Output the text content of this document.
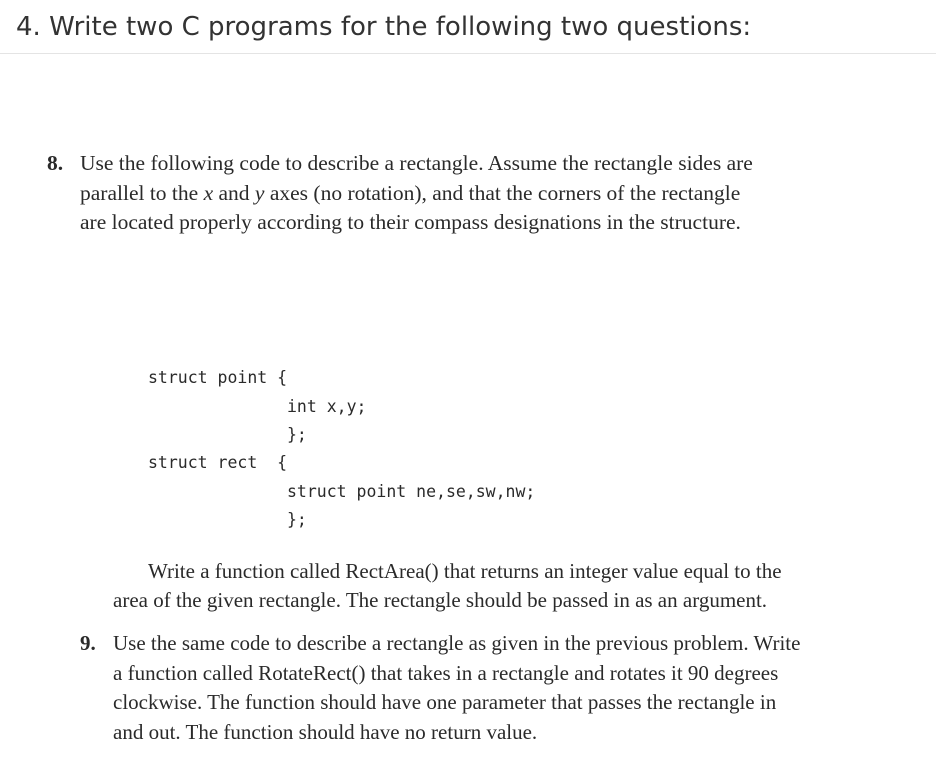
4. Write two C programs for the following two questions:
8. Use the following code to describe a rectangle. Assume the rectangle sides are

parallel to the x and y axes (no rotation), and that the corners of the rectangle

are located properly according to their compass designations in the structure.

struct point {
int x,y;
};
struct rect  {
struct point ne,se,sw,nw;
};

Write a function called RectArea() that returns an integer value equal to the

area of the given rectangle. The rectangle should be passed in as an argument.

9. Use the same code to describe a rectangle as given in the previous problem. Write

a function called RotateRect() that takes in a rectangle and rotates it 90 degrees

clockwise. The function should have one parameter that passes the rectangle in

and out. The function should have no return value.
